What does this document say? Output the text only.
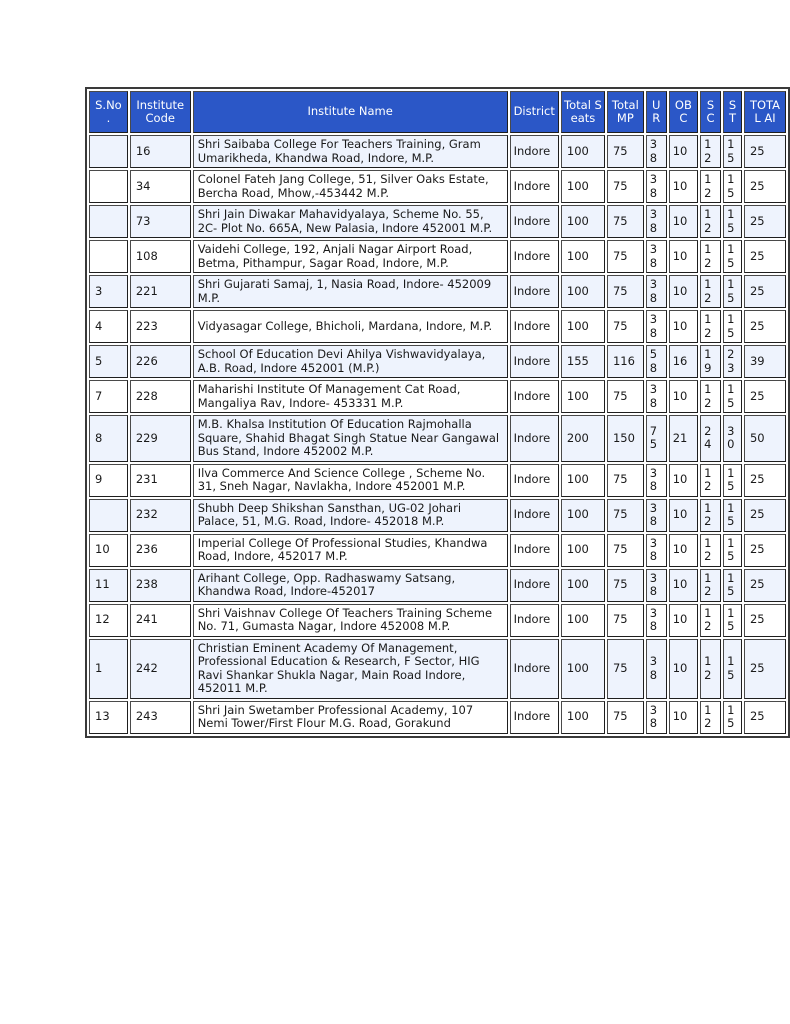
S.No .	Institute Code	Institute Name	District	Total Seats	Total MP	UR	OBC	SC	ST	TOTAL AI
	16	Shri Saibaba College For Teachers Training, Gram Umarikheda, Khandwa Road, Indore, M.P.	Indore	100	75	38	10	12	15	25
	34	Colonel Fateh Jang College, 51, Silver Oaks Estate, Bercha Road, Mhow,-453442 M.P.	Indore	100	75	38	10	12	15	25
	73	Shri Jain Diwakar Mahavidyalaya, Scheme No. 55, 2C- Plot No. 665A, New Palasia, Indore 452001 M.P.	Indore	100	75	38	10	12	15	25
	108	Vaidehi College, 192, Anjali Nagar Airport Road, Betma, Pithampur, Sagar Road, Indore, M.P.	Indore	100	75	38	10	12	15	25
3	221	Shri Gujarati Samaj, 1, Nasia Road, Indore- 452009 M.P.	Indore	100	75	38	10	12	15	25
4	223	Vidyasagar College, Bhicholi, Mardana, Indore, M.P.	Indore	100	75	38	10	12	15	25
5	226	School Of Education Devi Ahilya Vishwavidyalaya, A.B. Road, Indore 452001 (M.P.)	Indore	155	116	58	16	19	23	39
7	228	Maharishi Institute Of Management Cat Road, Mangaliya Rav, Indore- 453331 M.P.	Indore	100	75	38	10	12	15	25
8	229	M.B. Khalsa Institution Of Education Rajmohalla Square, Shahid Bhagat Singh Statue Near Gangawal Bus Stand, Indore 452002 M.P.	Indore	200	150	75	21	24	30	50
9	231	Ilva Commerce And Science College , Scheme No. 31, Sneh Nagar, Navlakha, Indore 452001 M.P.	Indore	100	75	38	10	12	15	25
	232	Shubh Deep Shikshan Sansthan, UG-02 Johari Palace, 51, M.G. Road, Indore- 452018 M.P.	Indore	100	75	38	10	12	15	25
10	236	Imperial College Of Professional Studies, Khandwa Road, Indore, 452017 M.P.	Indore	100	75	38	10	12	15	25
11	238	Arihant College, Opp. Radhaswamy Satsang, Khandwa Road, Indore-452017	Indore	100	75	38	10	12	15	25
12	241	Shri Vaishnav College Of Teachers Training Scheme No. 71, Gumasta Nagar, Indore 452008 M.P.	Indore	100	75	38	10	12	15	25
1	242	Christian Eminent Academy Of Management, Professional Education & Research, F Sector, HIG Ravi Shankar Shukla Nagar, Main Road Indore, 452011 M.P.	Indore	100	75	38	10	12	15	25
13	243	Shri Jain Swetamber Professional Academy, 107 Nemi Tower/First Flour M.G. Road, Gorakund	Indore	100	75	38	10	12	15	25
